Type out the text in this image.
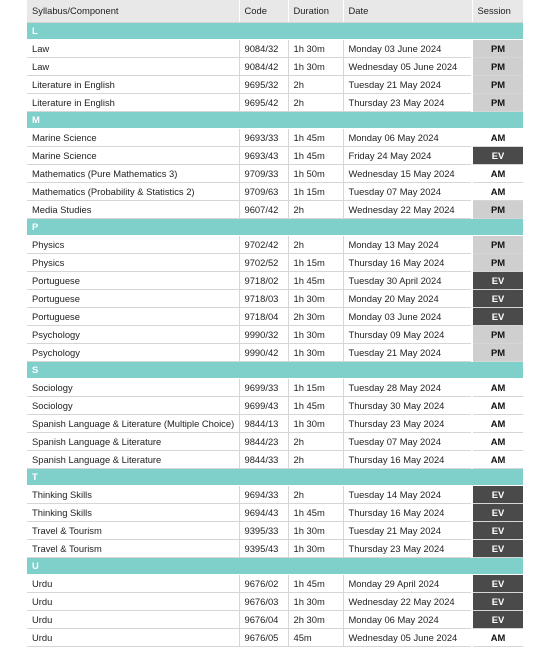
Syllabus/Component	Code	Duration	Date	Session
L				
Law	9084/32	1h 30m	Monday 03 June 2024	PM
Law	9084/42	1h 30m	Wednesday 05 June 2024	PM
Literature in English	9695/32	2h	Tuesday 21 May 2024	PM
Literature in English	9695/42	2h	Thursday 23 May 2024	PM
M				
Marine Science	9693/33	1h 45m	Monday 06 May 2024	AM
Marine Science	9693/43	1h 45m	Friday 24 May 2024	EV
Mathematics (Pure Mathematics 3)	9709/33	1h 50m	Wednesday 15 May 2024	AM
Mathematics (Probability & Statistics 2)	9709/63	1h 15m	Tuesday 07 May 2024	AM
Media Studies	9607/42	2h	Wednesday 22 May 2024	PM
P				
Physics	9702/42	2h	Monday 13 May 2024	PM
Physics	9702/52	1h 15m	Thursday 16 May 2024	PM
Portuguese	9718/02	1h 45m	Tuesday 30 April 2024	EV
Portuguese	9718/03	1h 30m	Monday 20 May 2024	EV
Portuguese	9718/04	2h 30m	Monday 03 June 2024	EV
Psychology	9990/32	1h 30m	Thursday 09 May 2024	PM
Psychology	9990/42	1h 30m	Tuesday 21 May 2024	PM
S				
Sociology	9699/33	1h 15m	Tuesday 28 May 2024	AM
Sociology	9699/43	1h 45m	Thursday 30 May 2024	AM
Spanish Language & Literature (Multiple Choice)	9844/13	1h 30m	Thursday 23 May 2024	AM
Spanish Language & Literature	9844/23	2h	Tuesday 07 May 2024	AM
Spanish Language & Literature	9844/33	2h	Thursday 16 May 2024	AM
T				
Thinking Skills	9694/33	2h	Tuesday 14 May 2024	EV
Thinking Skills	9694/43	1h 45m	Thursday 16 May 2024	EV
Travel & Tourism	9395/33	1h 30m	Tuesday 21 May 2024	EV
Travel & Tourism	9395/43	1h 30m	Thursday 23 May 2024	EV
U				
Urdu	9676/02	1h 45m	Monday 29 April 2024	EV
Urdu	9676/03	1h 30m	Wednesday 22 May 2024	EV
Urdu	9676/04	2h 30m	Monday 06 May 2024	EV
Urdu	9676/05	45m	Wednesday 05 June 2024	AM
